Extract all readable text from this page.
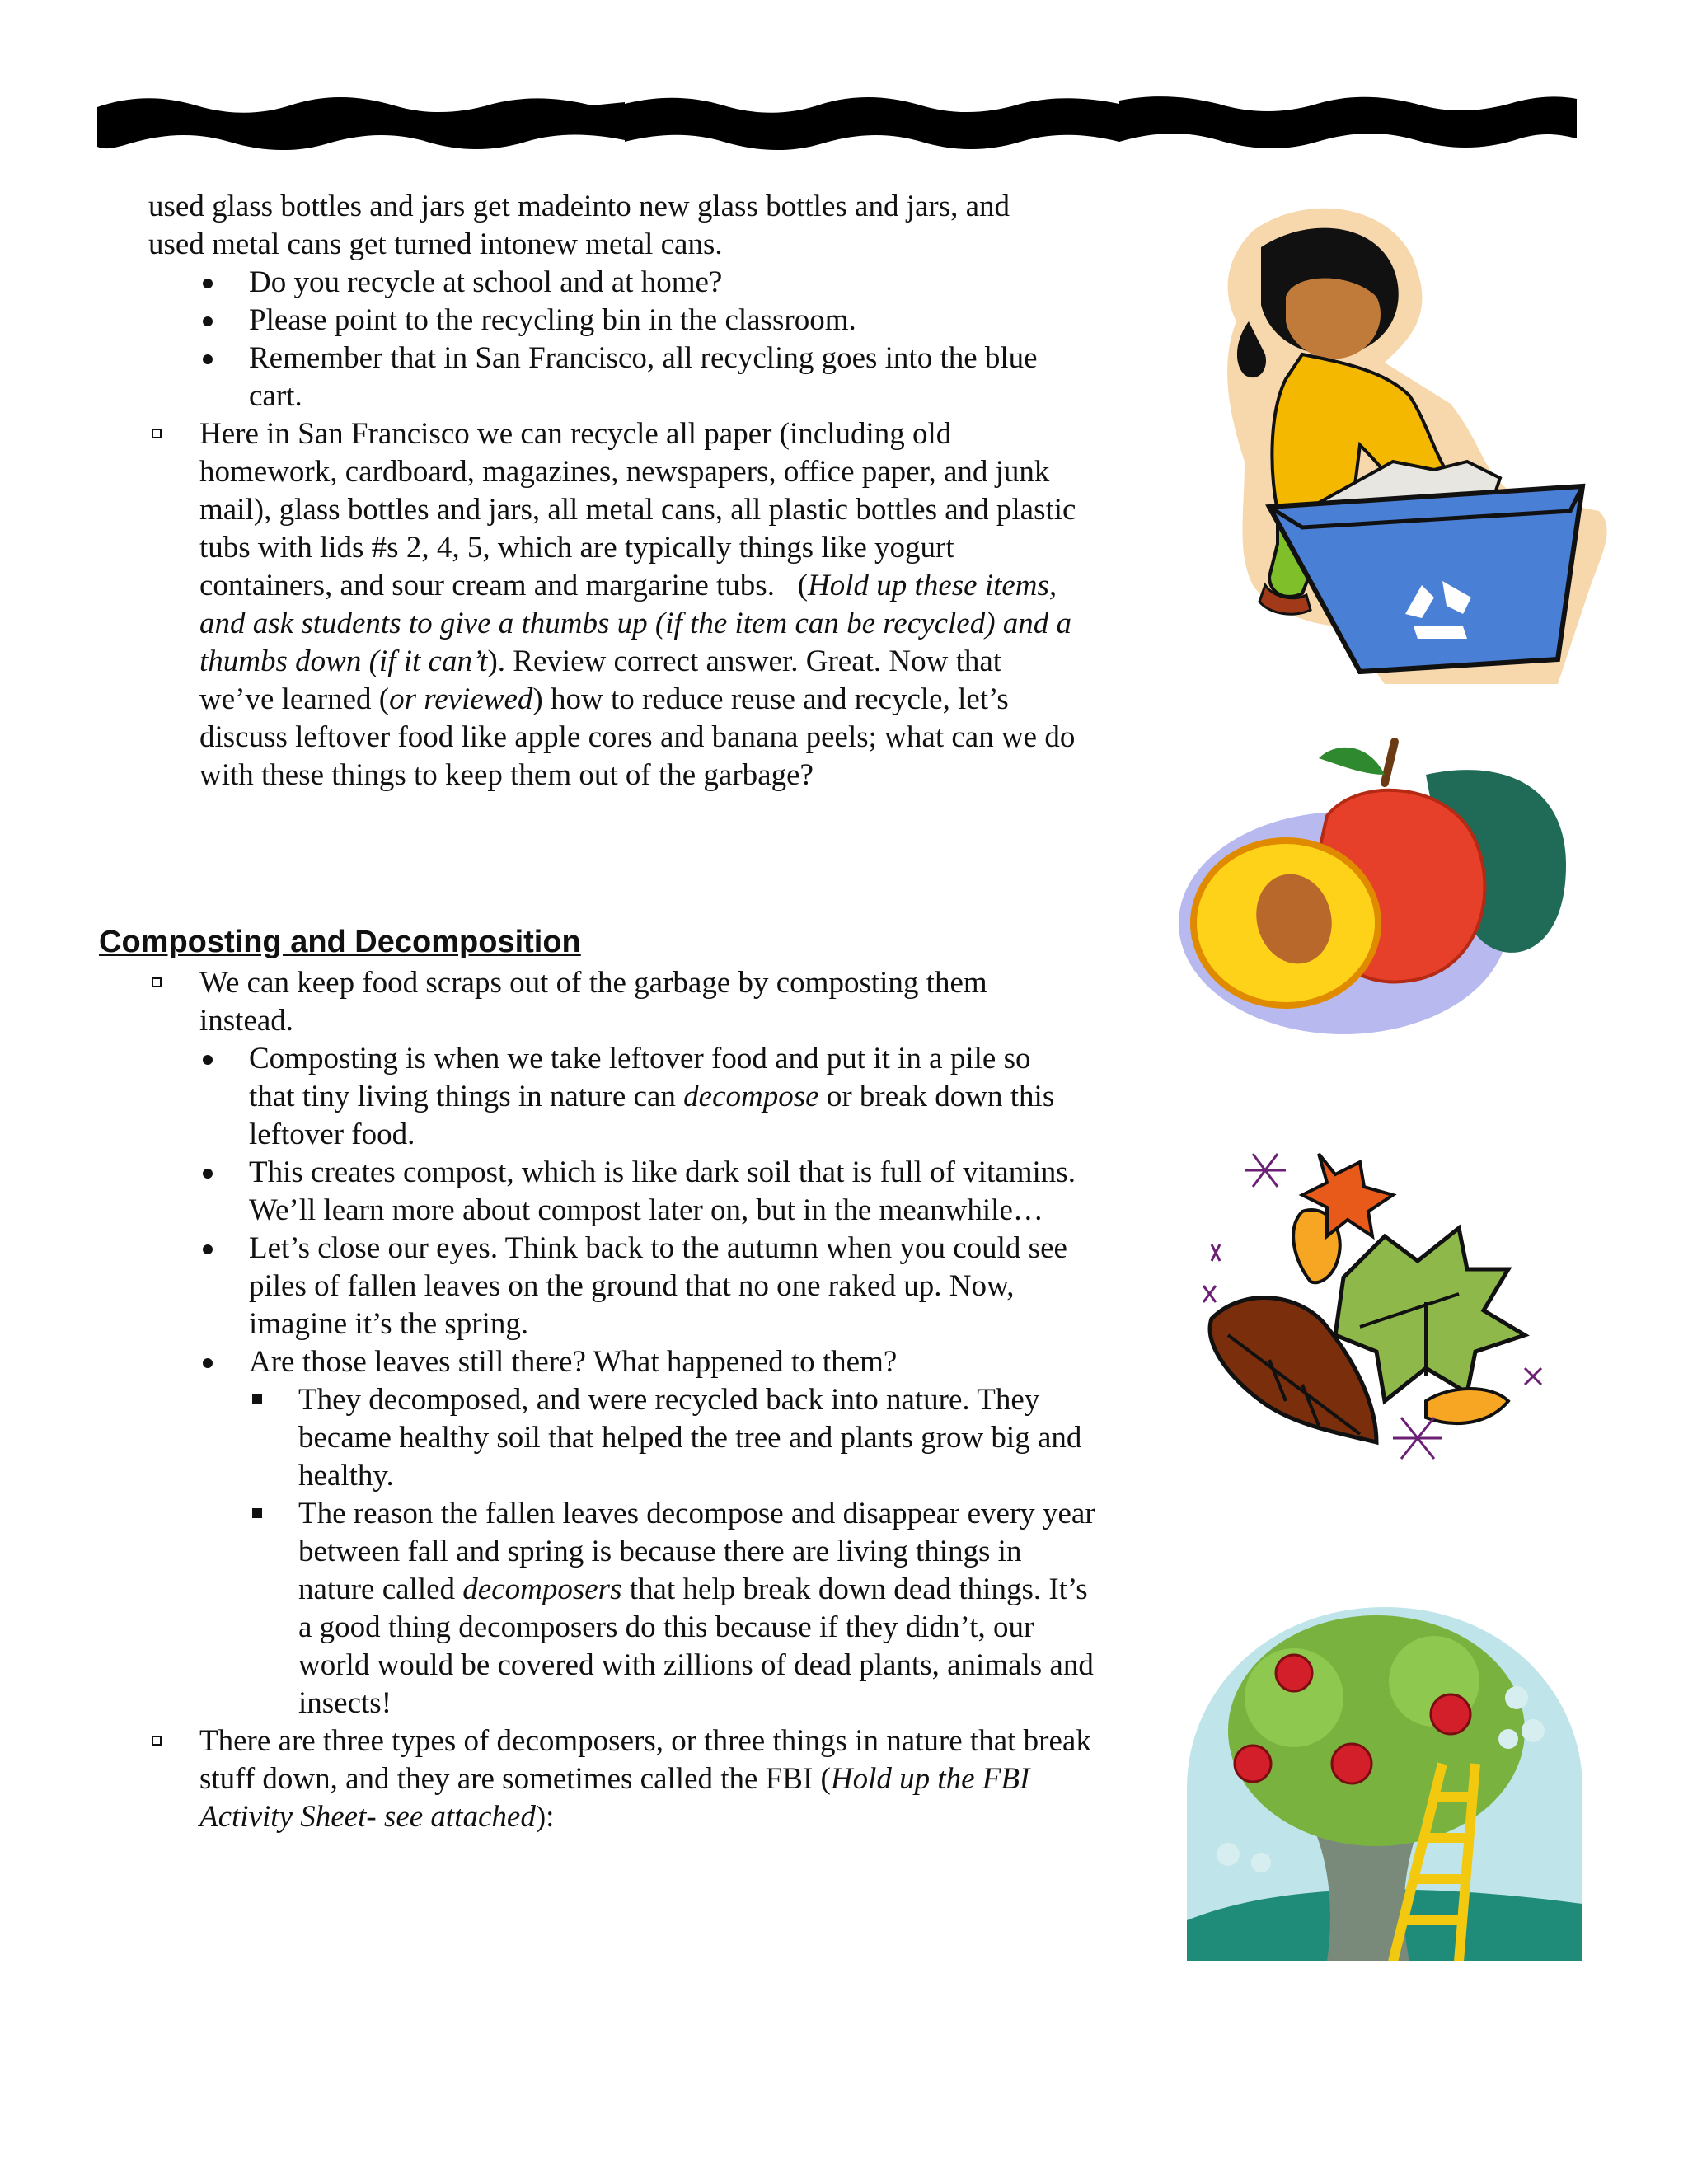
used glass bottles and jars get madeinto new glass bottles and jars, and

used metal cans get turned intonew metal cans.

Do you recycle at school and at home?

Please point to the recycling bin in the classroom.

Remember that in San Francisco, all recycling goes into the blue cart.

Here in San Francisco we can recycle all paper (including old homework, cardboard, magazines, newspapers, office paper, and junk mail), glass bottles and jars, all metal cans, all plastic bottles and plastic tubs with lids #s 2, 4, 5, which are typically things like yogurt containers, and sour cream and margarine tubs. (Hold up these items, and ask students to give a thumbs up (if the item can be recycled) and a thumbs down (if it can’t). Review correct answer. Great. Now that we’ve learned (or reviewed) how to reduce reuse and recycle, let’s discuss leftover food like apple cores and banana peels; what can we do with these things to keep them out of the garbage?

Composting and Decomposition

We can keep food scraps out of the garbage by composting them instead.

Composting is when we take leftover food and put it in a pile so that tiny living things in nature can decompose or break down this leftover food.

This creates compost, which is like dark soil that is full of vitamins. We’ll learn more about compost later on, but in the meanwhile…

Let’s close our eyes. Think back to the autumn when you could see piles of fallen leaves on the ground that no one raked up. Now, imagine it’s the spring.

Are those leaves still there? What happened to them?

They decomposed, and were recycled back into nature. They became healthy soil that helped the tree and plants grow big and healthy.

The reason the fallen leaves decompose and disappear every year between fall and spring is because there are living things in nature called decomposers that help break down dead things. It’s a good thing decomposers do this because if they didn’t, our world would be covered with zillions of dead plants, animals and insects!

There are three types of decomposers, or three things in nature that break stuff down, and they are sometimes called the FBI (Hold up the FBI Activity Sheet- see attached):
